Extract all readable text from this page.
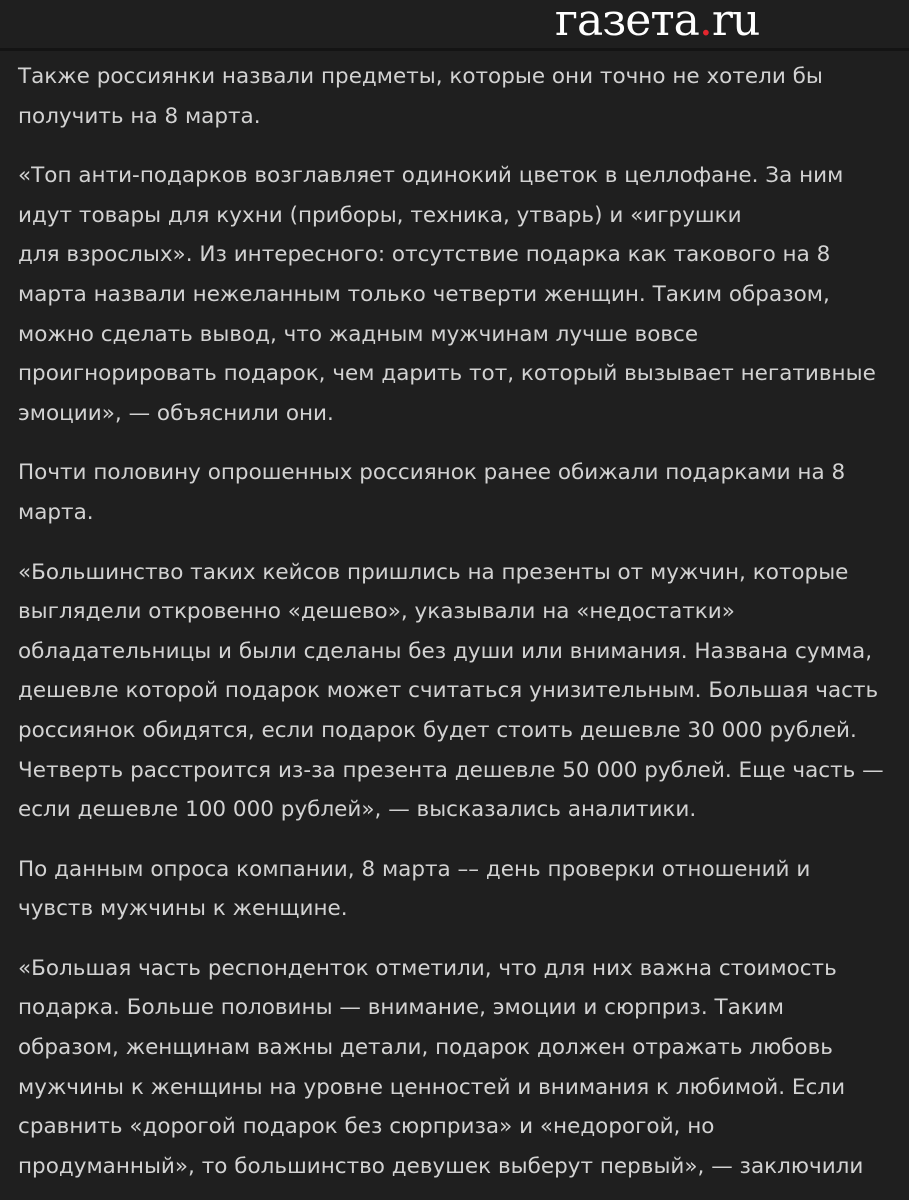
газета.ru

Также россиянки назвали предметы, которые они точно не хотели бы
получить на 8 марта.

«Топ анти-подарков возглавляет одинокий цветок в целлофане. За ним
идут товары для кухни (приборы, техника, утварь) и «игрушки
для взрослых». Из интересного: отсутствие подарка как такового на 8
марта назвали нежеланным только четверти женщин. Таким образом,
можно сделать вывод, что жадным мужчинам лучше вовсе
проигнорировать подарок, чем дарить тот, который вызывает негативные
эмоции», — объяснили они.

Почти половину опрошенных россиянок ранее обижали подарками на 8
марта.

«Большинство таких кейсов пришлись на презенты от мужчин, которые
выглядели откровенно «дешево», указывали на «недостатки»
обладательницы и были сделаны без души или внимания. Названа сумма,
дешевле которой подарок может считаться унизительным. Большая часть
россиянок обидятся, если подарок будет стоить дешевле 30 000 рублей.
Четверть расстроится из-за презента дешевле 50 000 рублей. Еще часть —
если дешевле 100 000 рублей», — высказались аналитики.

По данным опроса компании, 8 марта –– день проверки отношений и
чувств мужчины к женщине.

«Большая часть респонденток отметили, что для них важна стоимость
подарка. Больше половины — внимание, эмоции и сюрприз. Таким
образом, женщинам важны детали, подарок должен отражать любовь
мужчины к женщины на уровне ценностей и внимания к любимой. Если
сравнить «дорогой подарок без сюрприза» и «недорогой, но
продуманный», то большинство девушек выберут первый», — заключили
